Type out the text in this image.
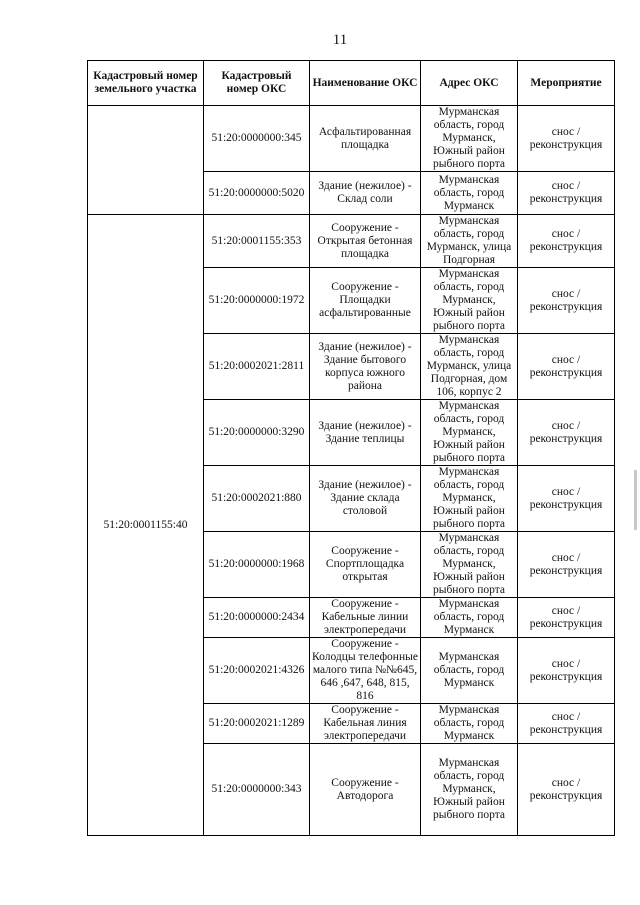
11
Кадастровый номер земельного участка	Кадастровый номер ОКС	Наименование ОКС	Адрес ОКС	Мероприятие
	51:20:0000000:345	Асфальтированная площадка	Мурманская область, город Мурманск, Южный район рыбного порта	снос / реконструкция
	51:20:0000000:5020	Здание (нежилое) - Склад соли	Мурманская область, город Мурманск	снос / реконструкция
51:20:0001155:40	51:20:0001155:353	Сооружение - Открытая бетонная площадка	Мурманская область, город Мурманск, улица Подгорная	снос / реконструкция
	51:20:0000000:1972	Сооружение - Площадки асфальтированные	Мурманская область, город Мурманск, Южный район рыбного порта	снос / реконструкция
	51:20:0002021:2811	Здание (нежилое) - Здание бытового корпуса южного района	Мурманская область, город Мурманск, улица Подгорная, дом 106, корпус 2	снос / реконструкция
	51:20:0000000:3290	Здание (нежилое) - Здание теплицы	Мурманская область, город Мурманск, Южный район рыбного порта	снос / реконструкция
	51:20:0002021:880	Здание (нежилое) - Здание склада столовой	Мурманская область, город Мурманск, Южный район рыбного порта	снос / реконструкция
	51:20:0000000:1968	Сооружение - Спортплощадка открытая	Мурманская область, город Мурманск, Южный район рыбного порта	снос / реконструкция
	51:20:0000000:2434	Сооружение - Кабельные линии электропередачи	Мурманская область, город Мурманск	снос / реконструкция
	51:20:0002021:4326	Сооружение - Колодцы телефонные малого типа №№645, 646 ,647, 648, 815, 816	Мурманская область, город Мурманск	снос / реконструкция
	51:20:0002021:1289	Сооружение - Кабельная линия электропередачи	Мурманская область, город Мурманск	снос / реконструкция
	51:20:0000000:343	Сооружение - Автодорога	Мурманская область, город Мурманск, Южный район рыбного порта	снос / реконструкция
